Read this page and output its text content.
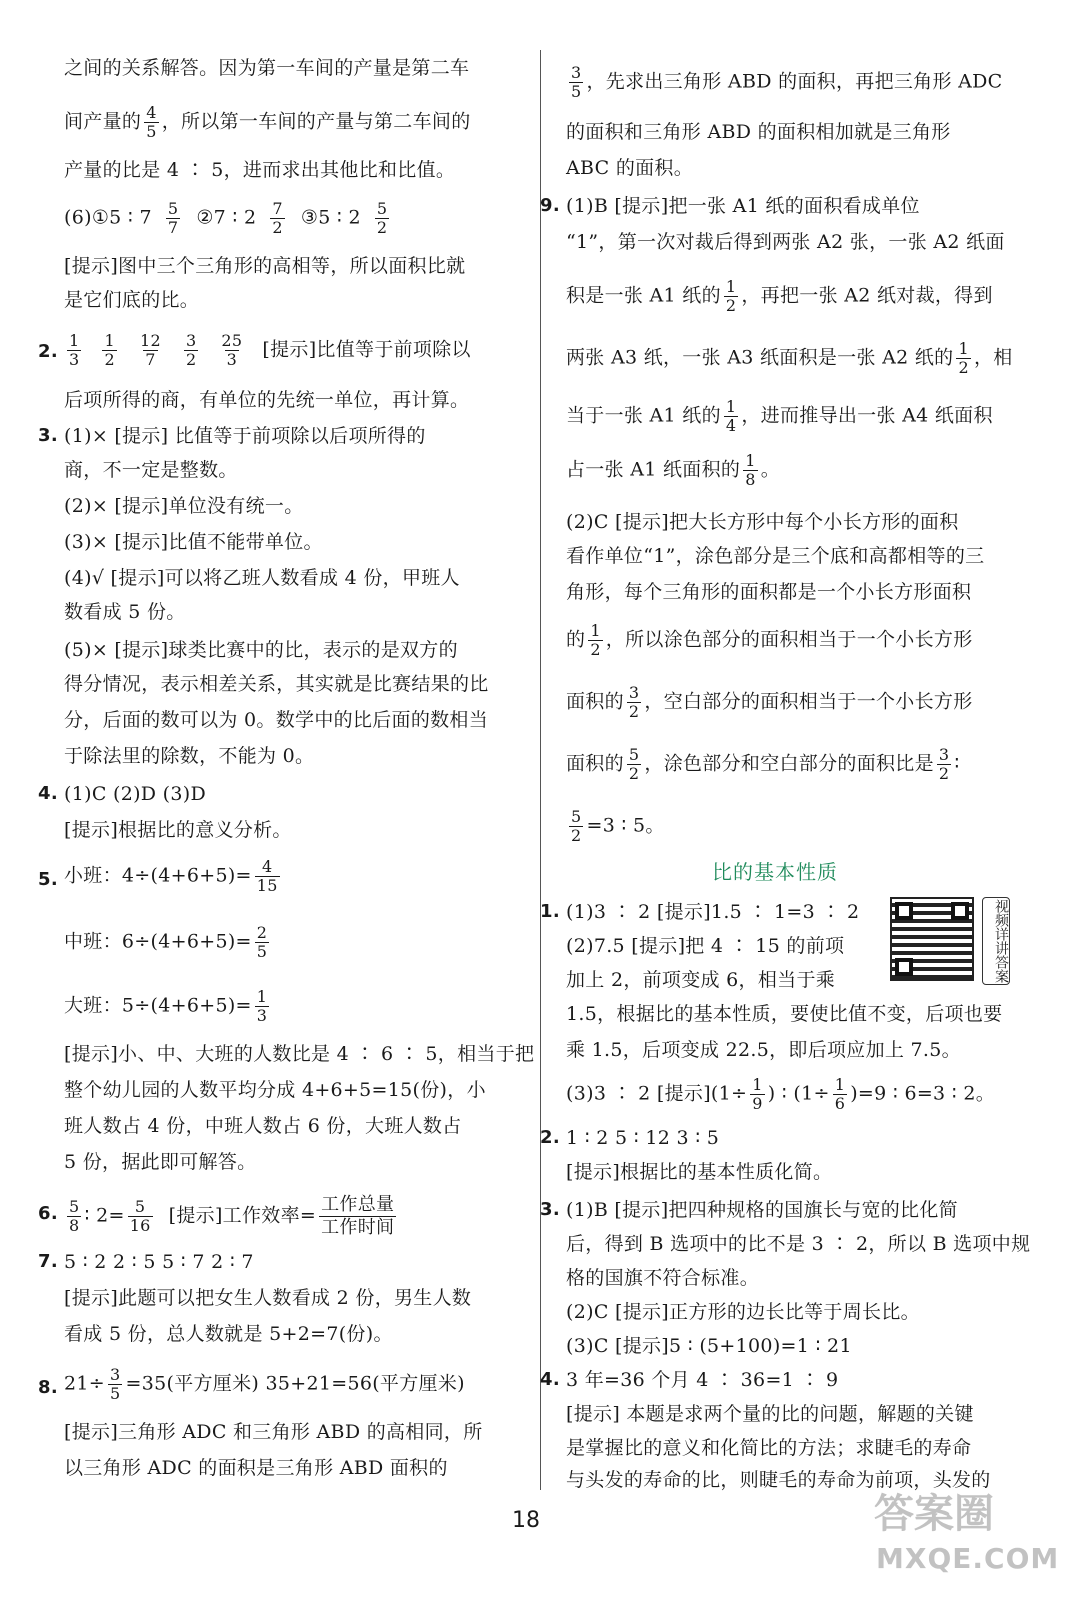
之间的关系解答。因为第一车间的产量是第二车
间产量的 $\frac{4}{5}$ ，所以第一车间的产量与第二车间的
产量的比是 4 ∶ 5，进而求出其他比和比值。
(6)①5 ∶ $7 \frac{5}{7}$ ②7 ∶ $2 \frac{7}{2}$ ③5 ∶ $2 \frac{5}{2}$
[提示]图中三个三角形的高相等，所以面积比就
是它们底的比。
2. $\frac{1}{3} \frac{1}{2} \frac{12}{7} \frac{3}{2} \frac{25}{3}$ [提示]比值等于前项除以
后项所得的商，有单位的先统一单位，再计算。
3. (1)× [提示] 比值等于前项除以后项所得的
商，不一定是整数。
(2)× [提示]单位没有统一。
(3)× [提示]比值不能带单位。
(4)√ [提示]可以将乙班人数看成 4 份，甲班人
数看成 5 份。
(5)× [提示]球类比赛中的比，表示的是双方的
得分情况，表示相差关系，其实就是比赛结果的比
分，后面的数可以为 0。数学中的比后面的数相当
于除法里的除数，不能为 0。
4. (1)C (2)D (3)D
[提示]根据比的意义分析。
5. 小班：$4\div(4+6+5)= \frac{4}{15}$
中班：$6\div(4+6+5)= \frac{2}{5}$
大班：$5\div(4+6+5)= \frac{1}{3}$
[提示]小、中、大班的人数比是 4 ∶ 6 ∶ 5，相当于把
整个幼儿园的人数平均分成 4+6+5=15(份)，小
班人数占 4 份，中班人数占 6 份，大班人数占
5 份，据此即可解答。
6. $\frac{5}{8}$ ∶ $2= \frac{5}{16}$ [提示]工作效率= $\frac{\text{工作总量}}{\text{工作时间}}$
7. 5 ∶ 2 2 ∶ 5 5 ∶ 7 2 ∶ 7
[提示]此题可以把女生人数看成 2 份，男生人数
看成 5 份，总人数就是 5+2=7(份)。
8. $21\div \frac{3}{5} =35$(平方厘米) 35+21=56(平方厘米)
[提示]三角形 ADC 和三角形 ABD 的高相同，所
以三角形 ADC 的面积是三角形 ABD 面积的
$\frac{3}{5}$ ，先求出三角形 ABD 的面积，再把三角形 ADC
的面积和三角形 ABD 的面积相加就是三角形
ABC 的面积。
9. (1)B [提示]把一张 A1 纸的面积看成单位
“1”，第一次对裁后得到两张 A2 张，一张 A2 纸面
积是一张 A1 纸的 $\frac{1}{2}$ ，再把一张 A2 纸对裁，得到
两张 A3 纸，一张 A3 纸面积是一张 A2 纸的 $\frac{1}{2}$ ，相
当于一张 A1 纸的 $\frac{1}{4}$ ，进而推导出一张 A4 纸面积
占一张 A1 纸面积的 $\frac{1}{8}$ 。
(2)C [提示]把大长方形中每个小长方形的面积
看作单位“1”，涂色部分是三个底和高都相等的三
角形，每个三角形的面积都是一个小长方形面积
的 $\frac{1}{2}$ ，所以涂色部分的面积相当于一个小长方形
面积的 $\frac{3}{2}$ ，空白部分的面积相当于一个小长方形
面积的 $\frac{5}{2}$ ，涂色部分和空白部分的面积比是 $\frac{3}{2}$ ∶
$\frac{5}{2} =3$ ∶ 5。
比的基本性质
1. (1)3 ∶ 2 [提示]1.5 ∶ 1=3 ∶ 2
(2)7.5 [提示]把 4 ∶ 15 的前项
加上 2，前项变成 6，相当于乘
1.5，根据比的基本性质，要使比值不变，后项也要
乘 1.5，后项变成 22.5，即后项应加上 7.5。
(3)3 ∶ 2 [提示]($1\div \frac{1}{9}$ ) ∶ $(1\div \frac{1}{6} )=9$ ∶ 6=3 ∶ 2。
2. 1 ∶ 2 5 ∶ 12 3 ∶ 5
[提示]根据比的基本性质化简。
3. (1)B [提示]把四种规格的国旗长与宽的比化简
后，得到 B 选项中的比不是 3 ∶ 2，所以 B 选项中规
格的国旗不符合标准。
(2)C [提示]正方形的边长比等于周长比。
(3)C [提示]5 ∶ (5+100)=1 ∶ 21
4. 3 年=36 个月 4 ∶ 36=1 ∶ 9
[提示] 本题是求两个量的比的问题，解题的关键
是掌握比的意义和化简比的方法；求睫毛的寿命
与头发的寿命的比，则睫毛的寿命为前项，头发的
视频详讲答案
18	答案圈
MXQE.COM
